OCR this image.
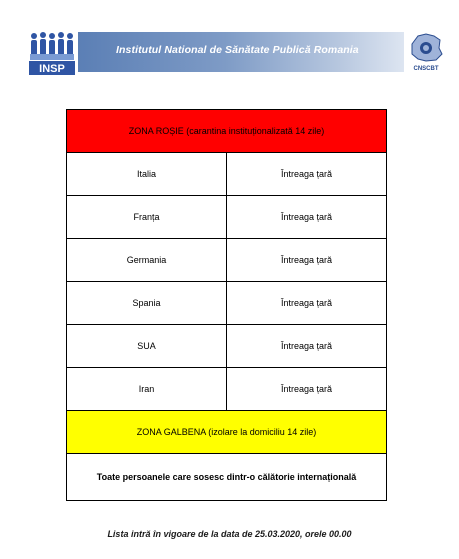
INSP
Institutul National de Sănătate Publică Romania
CNSCBT
ZONA ROȘIE (carantina instituționalizată 14 zile)	
Italia	Întreaga țară
Franța	Întreaga țară
Germania	Întreaga țară
Spania	Întreaga țară
SUA	Întreaga țară
Iran	Întreaga țară
ZONA GALBENA (izolare la domiciliu 14 zile)	
Toate persoanele care sosesc dintr-o călătorie internațională	
Lista intră în vigoare de la data de 25.03.2020, orele 00.00
